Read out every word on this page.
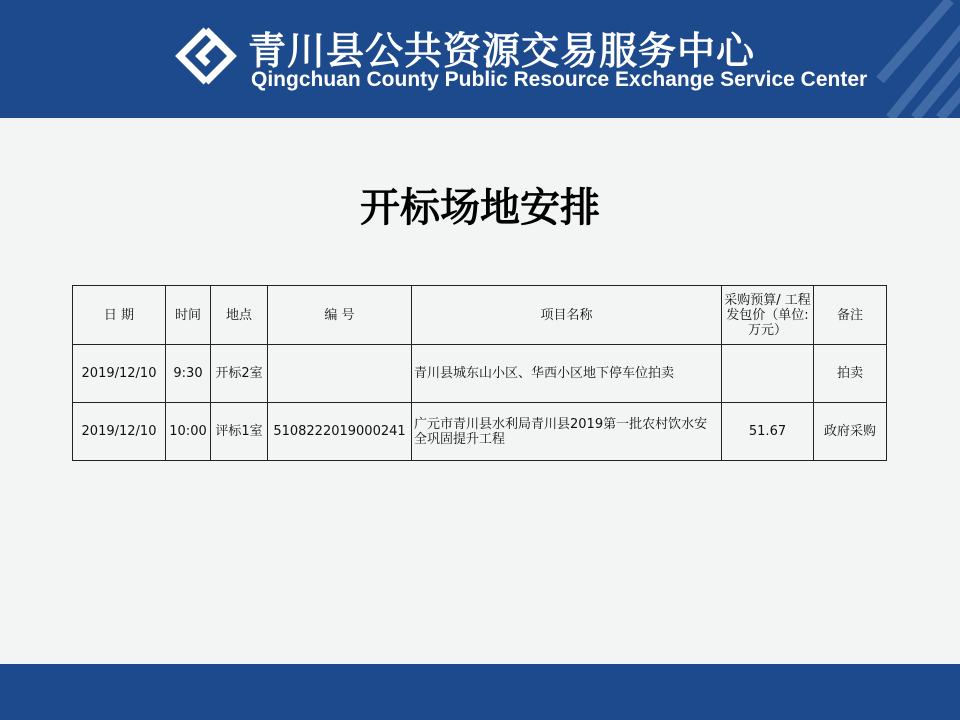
青川县公共资源交易服务中心
Qingchuan County Public Resource Exchange Service Center
开标场地安排
日 期	时间	地点	编 号	项目名称	采购预算/ 工程发包价（单位:万元）	备注
2019/12/10	9:30	开标2室		青川县城东山小区、华西小区地下停车位拍卖		拍卖
2019/12/10	10:00	评标1室	5108222019000241	广元市青川县水利局青川县2019第一批农村饮水安全巩固提升工程	51.67	政府采购
